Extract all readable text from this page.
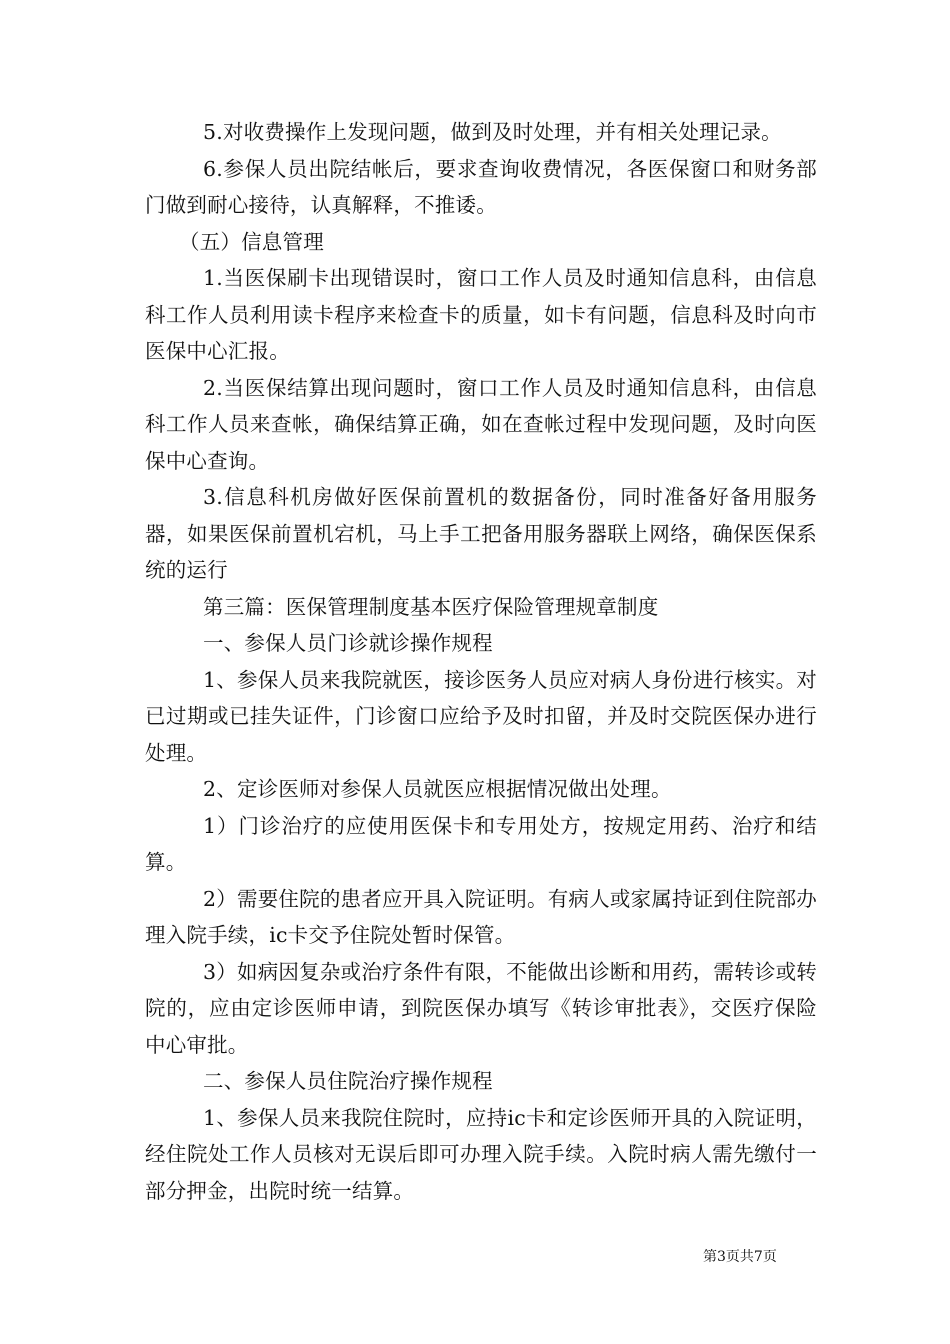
5.对收费操作上发现问题，做到及时处理，并有相关处理记录。

6.参保人员出院结帐后，要求查询收费情况，各医保窗口和财务部门做到耐心接待，认真解释，不推诿。

（五）信息管理

1.当医保刷卡出现错误时，窗口工作人员及时通知信息科，由信息科工作人员利用读卡程序来检查卡的质量，如卡有问题，信息科及时向市医保中心汇报。

2.当医保结算出现问题时，窗口工作人员及时通知信息科，由信息科工作人员来查帐，确保结算正确，如在查帐过程中发现问题，及时向医保中心查询。

3.信息科机房做好医保前置机的数据备份，同时准备好备用服务器，如果医保前置机宕机，马上手工把备用服务器联上网络，确保医保系统的运行

第三篇：医保管理制度基本医疗保险管理规章制度

一、参保人员门诊就诊操作规程

1、参保人员来我院就医，接诊医务人员应对病人身份进行核实。对已过期或已挂失证件，门诊窗口应给予及时扣留，并及时交院医保办进行处理。

2、定诊医师对参保人员就医应根据情况做出处理。

1）门诊治疗的应使用医保卡和专用处方，按规定用药、治疗和结算。

2）需要住院的患者应开具入院证明。有病人或家属持证到住院部办理入院手续，ic卡交予住院处暂时保管。

3）如病因复杂或治疗条件有限，不能做出诊断和用药，需转诊或转院的，应由定诊医师申请，到院医保办填写《转诊审批表》，交医疗保险中心审批。

二、参保人员住院治疗操作规程

1、参保人员来我院住院时，应持ic卡和定诊医师开具的入院证明，经住院处工作人员核对无误后即可办理入院手续。入院时病人需先缴付一部分押金，出院时统一结算。

第3页共7页
